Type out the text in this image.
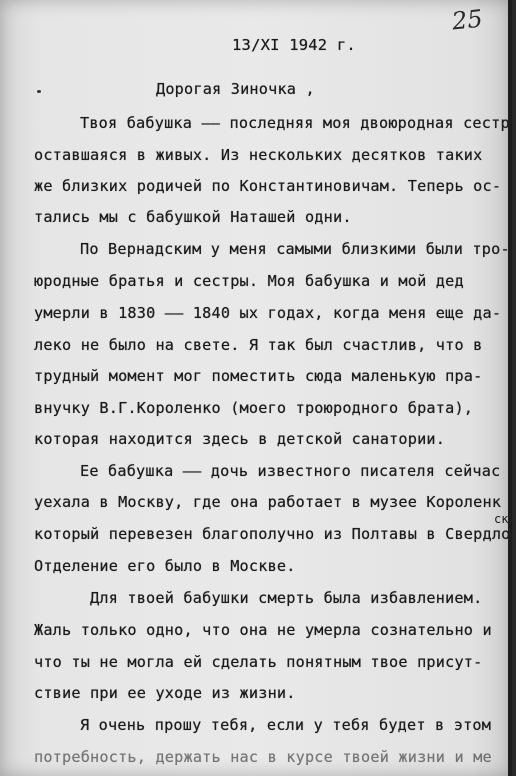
25
13/XI 1942 г.
Дорогая Зиночка ,
Твоя бабушка –– последняя моя двоюродная сестр
оставшаяся в живых. Из нескольких десятков таких
же близких родичей по Константиновичам. Теперь ос-
тались мы с бабушкой Наташей одни.
По Вернадским у меня самыми близкими были тро-
юродные братья и сестры. Моя бабушка и мой дед
умерли в 1830 –– 1840 ых годах, когда меня еще да-
леко не было на свете. Я так был счастлив, что в
трудный момент мог поместить сюда маленькую пра-
внучку В.Г.Короленко (моего троюродного брата),
которая находится здесь в детской санатории.
Ее бабушка –– дочь известного писателя сейчас
уехала в Москву, где она работает в музее Короленк
ск
который перевезен благополучно из Полтавы в Свердло
Отделение его было в Москве.
Для твоей бабушки смерть была избавлением.
Жаль только одно, что она не умерла сознательно и
что ты не могла ей сделать понятным твое присут-
ствие при ее уходе из жизни.
Я очень прошу тебя, если у тебя будет в этом
потребность, держать нас в курсе твоей жизни и ме
